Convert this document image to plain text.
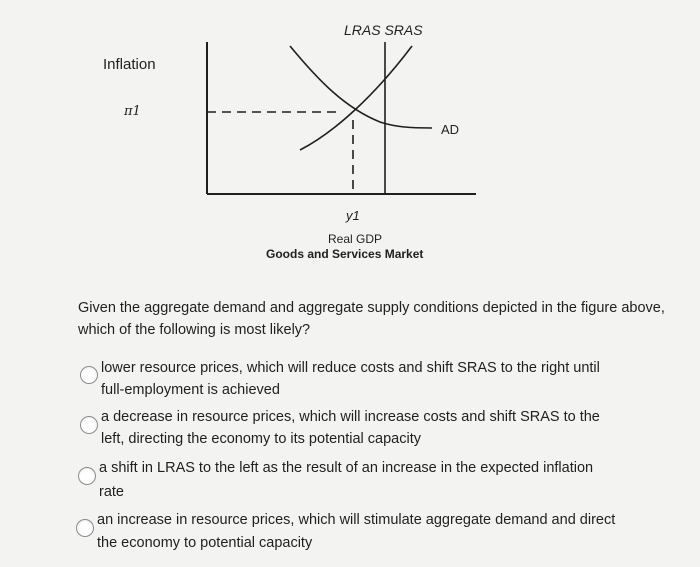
Inflation
π1
LRAS SRAS
AD
y1
Real GDP
Goods and Services Market
Given the aggregate demand and aggregate supply conditions depicted in the figure above, which of the following is most likely?
lower resource prices, which will reduce costs and shift SRAS to the right until
full-employment is achieved
a decrease in resource prices, which will increase costs and shift SRAS to the
left, directing the economy to its potential capacity
a shift in LRAS to the left as the result of an increase in the expected inflation
rate
an increase in resource prices, which will stimulate aggregate demand and direct
the economy to potential capacity
